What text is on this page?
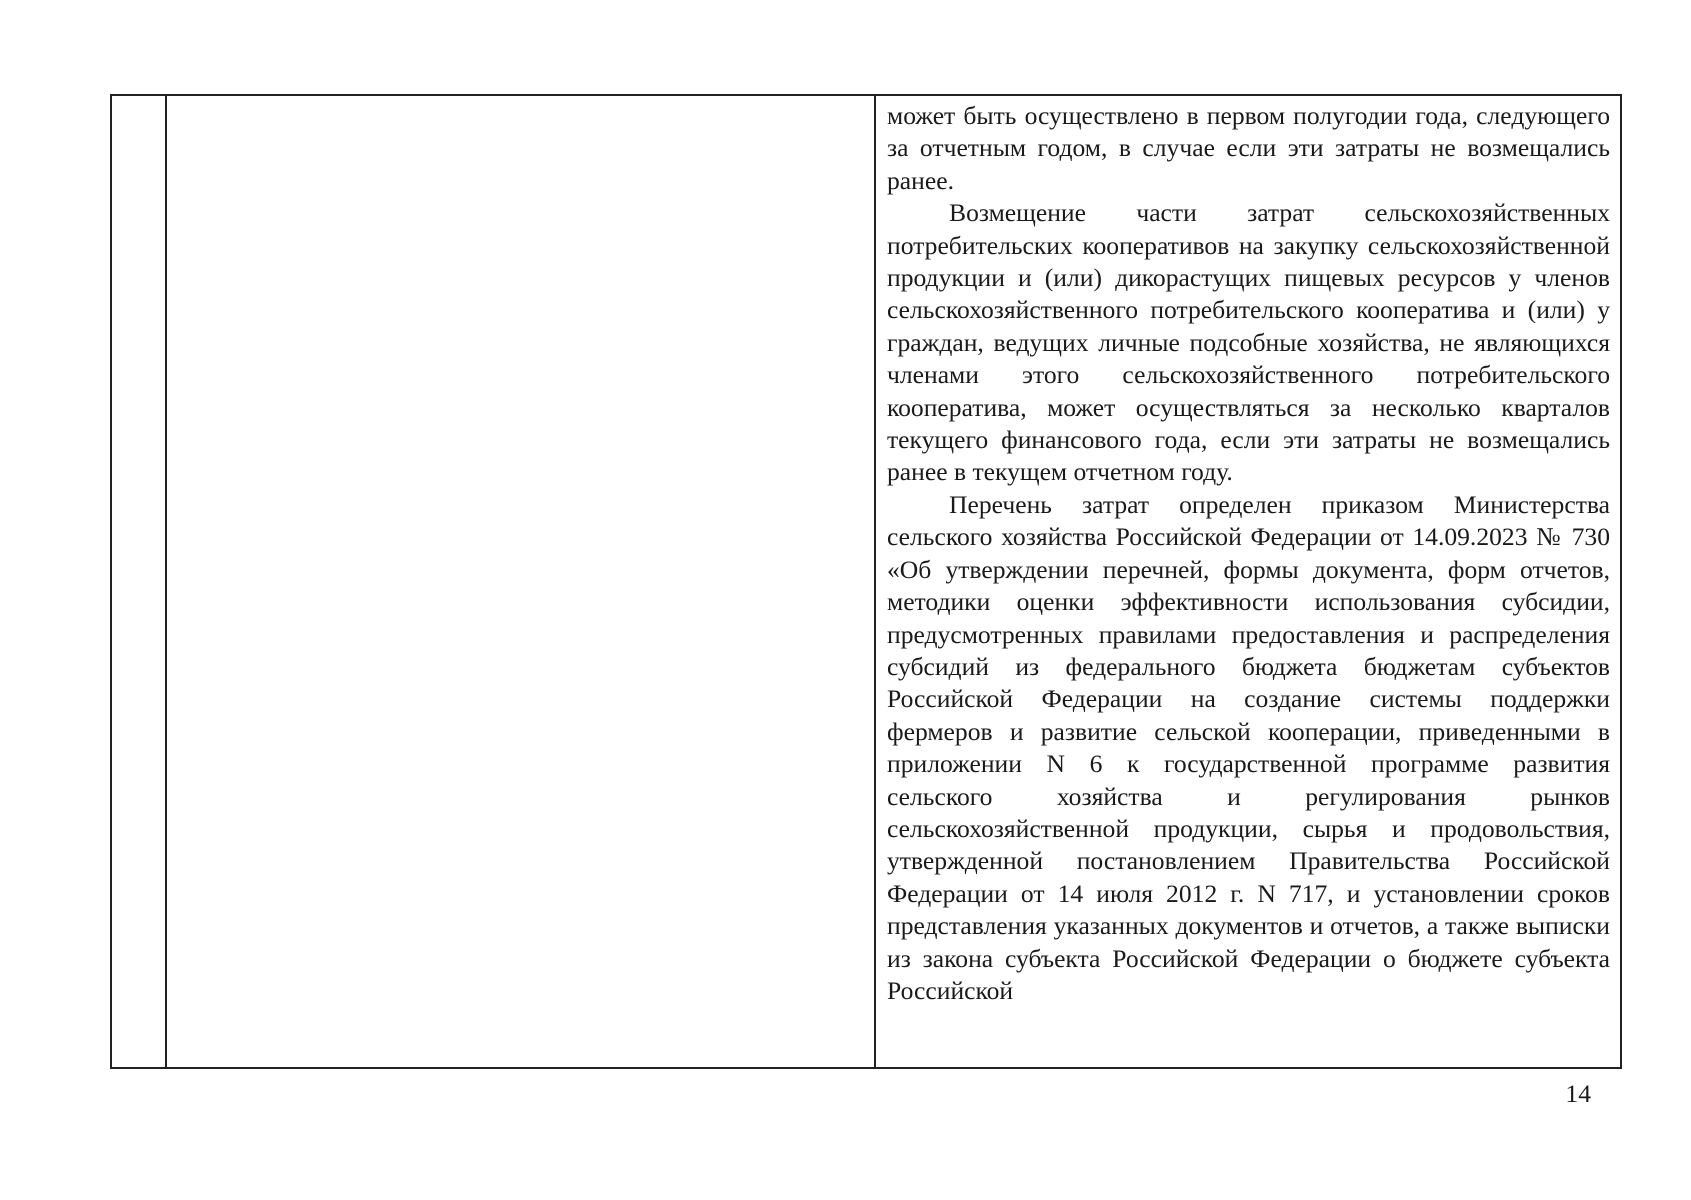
может быть осуществлено в первом полугодии года, следующего за отчетным годом, в случае если эти затраты не возмещались ранее.

Возмещение части затрат сельскохозяйственных потребительских кооперативов на закупку сельскохозяйственной продукции и (или) дикорастущих пищевых ресурсов у членов сельскохозяйственного потребительского кооператива и (или) у граждан, ведущих личные подсобные хозяйства, не являющихся членами этого сельскохозяйственного потребительского кооператива, может осуществляться за несколько кварталов текущего финансового года, если эти затраты не возмещались ранее в текущем отчетном году.

Перечень затрат определен приказом Министерства сельского хозяйства Российской Федерации от 14.09.2023 № 730 «Об утверждении перечней, формы документа, форм отчетов, методики оценки эффективности использования субсидии, предусмотренных правилами предоставления и распределения субсидий из федерального бюджета бюджетам субъектов Российской Федерации на создание системы поддержки фермеров и развитие сельской кооперации, приведенными в приложении N 6 к государственной программе развития сельского хозяйства и регулирования рынков сельскохозяйственной продукции, сырья и продовольствия, утвержденной постановлением Правительства Российской Федерации от 14 июля 2012 г. N 717, и установлении сроков представления указанных документов и отчетов, а также выписки из закона субъекта Российской Федерации о бюджете субъекта Российской

14
